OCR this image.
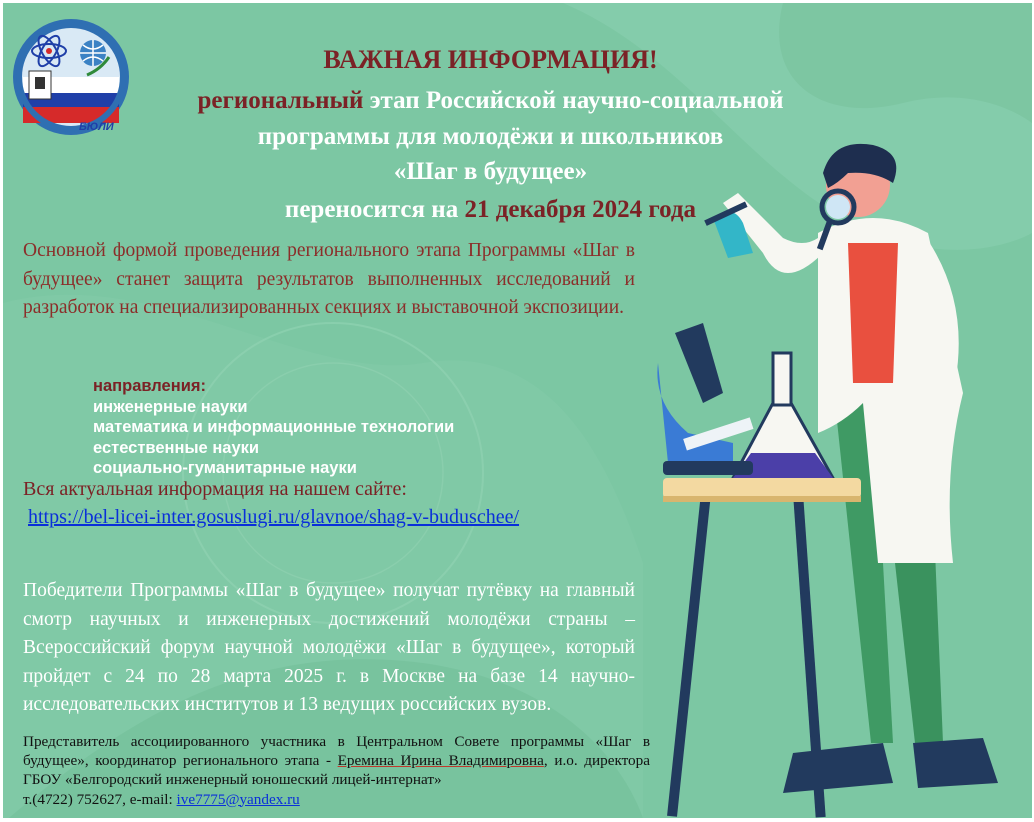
БЮЛИ
ВАЖНАЯ ИНФОРМАЦИЯ!
региональный этап Российской научно-социальной
программы для молодёжи и школьников
«Шаг в будущее»
переносится на 21 декабря 2024 года
Основной формой проведения регионального этапа Программы «Шаг в будущее» станет защита результатов выполненных исследований и разработок на специализированных секциях и выставочной экспозиции.
направления:
инженерные науки
математика и информационные технологии
естественные науки
социально-гуманитарные науки
Вся актуальная информация на нашем сайте:
https://bel-licei-inter.gosuslugi.ru/glavnoe/shag-v-buduschee/
Победители Программы «Шаг в будущее» получат путёвку на главный смотр научных и инженерных достижений молодёжи страны – Всероссийский форум научной молодёжи «Шаг в будущее», который пройдет с 24 по 28 марта 2025 г. в Москве на базе 14 научно-исследовательских институтов и 13 ведущих российских вузов.
Представитель ассоциированного участника в Центральном Совете программы «Шаг в будущее», координатор регионального этапа - Еремина Ирина Владимировна, и.о. директора ГБОУ «Белгородский инженерный юношеский лицей-интернат»
т.(4722) 752627, e-mail: ive7775@yandex.ru
